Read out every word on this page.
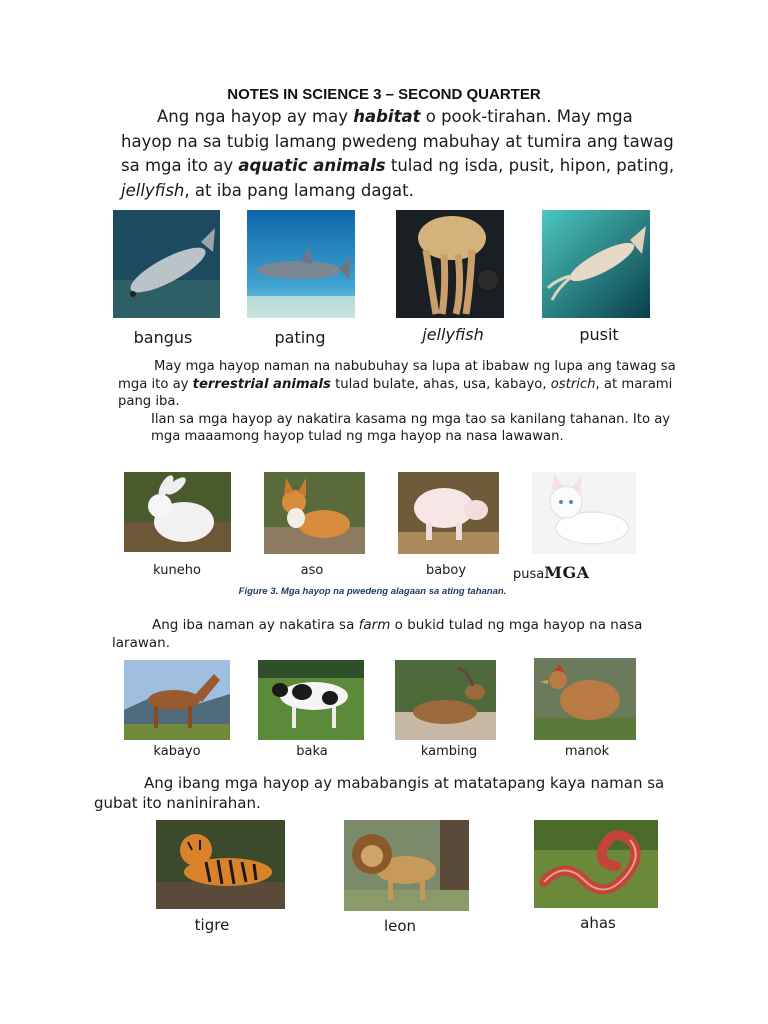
NOTES IN SCIENCE 3 – SECOND QUARTER
Ang nga hayop ay may habitat o pook-tirahan. May mga hayop na sa tubig lamang pwedeng mabuhay at tumira ang tawag sa mga ito ay aquatic animals tulad ng isda, pusit, hipon, pating, jellyfish, at iba pang lamang dagat.
bangus	pating	jellyfish	pusit
May mga hayop naman na nabubuhay sa lupa at ibabaw ng lupa ang tawag sa mga ito ay terrestrial animals tulad bulate, ahas, usa, kabayo, ostrich, at marami pang iba.
Ilan sa mga hayop ay nakatira kasama ng mga tao sa kanilang tahanan. Ito ay mga maaamong hayop tulad ng mga hayop na nasa lawawan.
kuneho	aso	baboy	pusaMGA
Figure 3. Mga hayop na pwedeng alagaan sa ating tahanan.
Ang iba naman ay nakatira sa farm o bukid tulad ng mga hayop na nasa larawan.
kabayo	baka	kambing	manok
Ang ibang mga hayop ay mababangis at matatapang kaya naman sa gubat ito naninirahan.
tigre	leon	ahas
